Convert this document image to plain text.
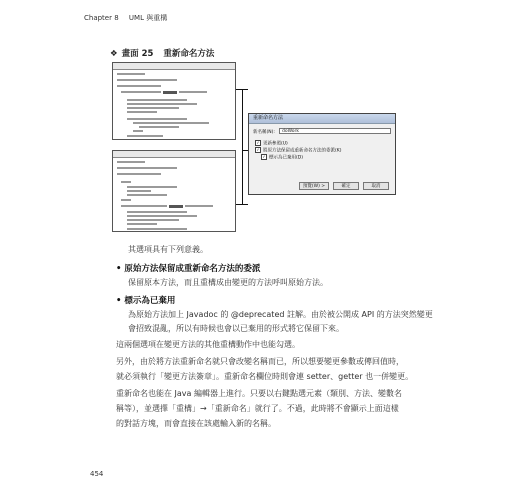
Chapter 8 UML 與重構
❖ 畫面 25 重新命名方法
重新命名方法
新名稱(N):	doWork
✓ 更新參照(U)
✓ 將原方法保留成重新命名方法的委派(K)
✓ 標示為已棄用(D)
預覽(W) >	確定	取消
其選項具有下列意義。
• 原始方法保留成重新命名方法的委派
保留原本方法，而且重構成由變更的方法呼叫原始方法。
• 標示為已棄用
為原始方法加上 Javadoc 的 @deprecated 註解。由於被公開成 API 的方法突然變更
會招致混亂，所以有時候也會以已棄用的形式將它保留下來。
這兩個選項在變更方法的其他重構動作中也能勾選。
另外，由於將方法重新命名就只會改變名稱而已，所以想要變更參數或傳回值時，
就必須執行「變更方法簽章」。重新命名欄位時則會連 setter、getter 也一併變更。
重新命名也能在 Java 編輯器上進行。只要以右鍵點選元素（類別、方法、變數名
稱等），並選擇「重構」→「重新命名」就行了。不過，此時將不會顯示上面這樣
的對話方塊，而會直接在該處輸入新的名稱。
454
